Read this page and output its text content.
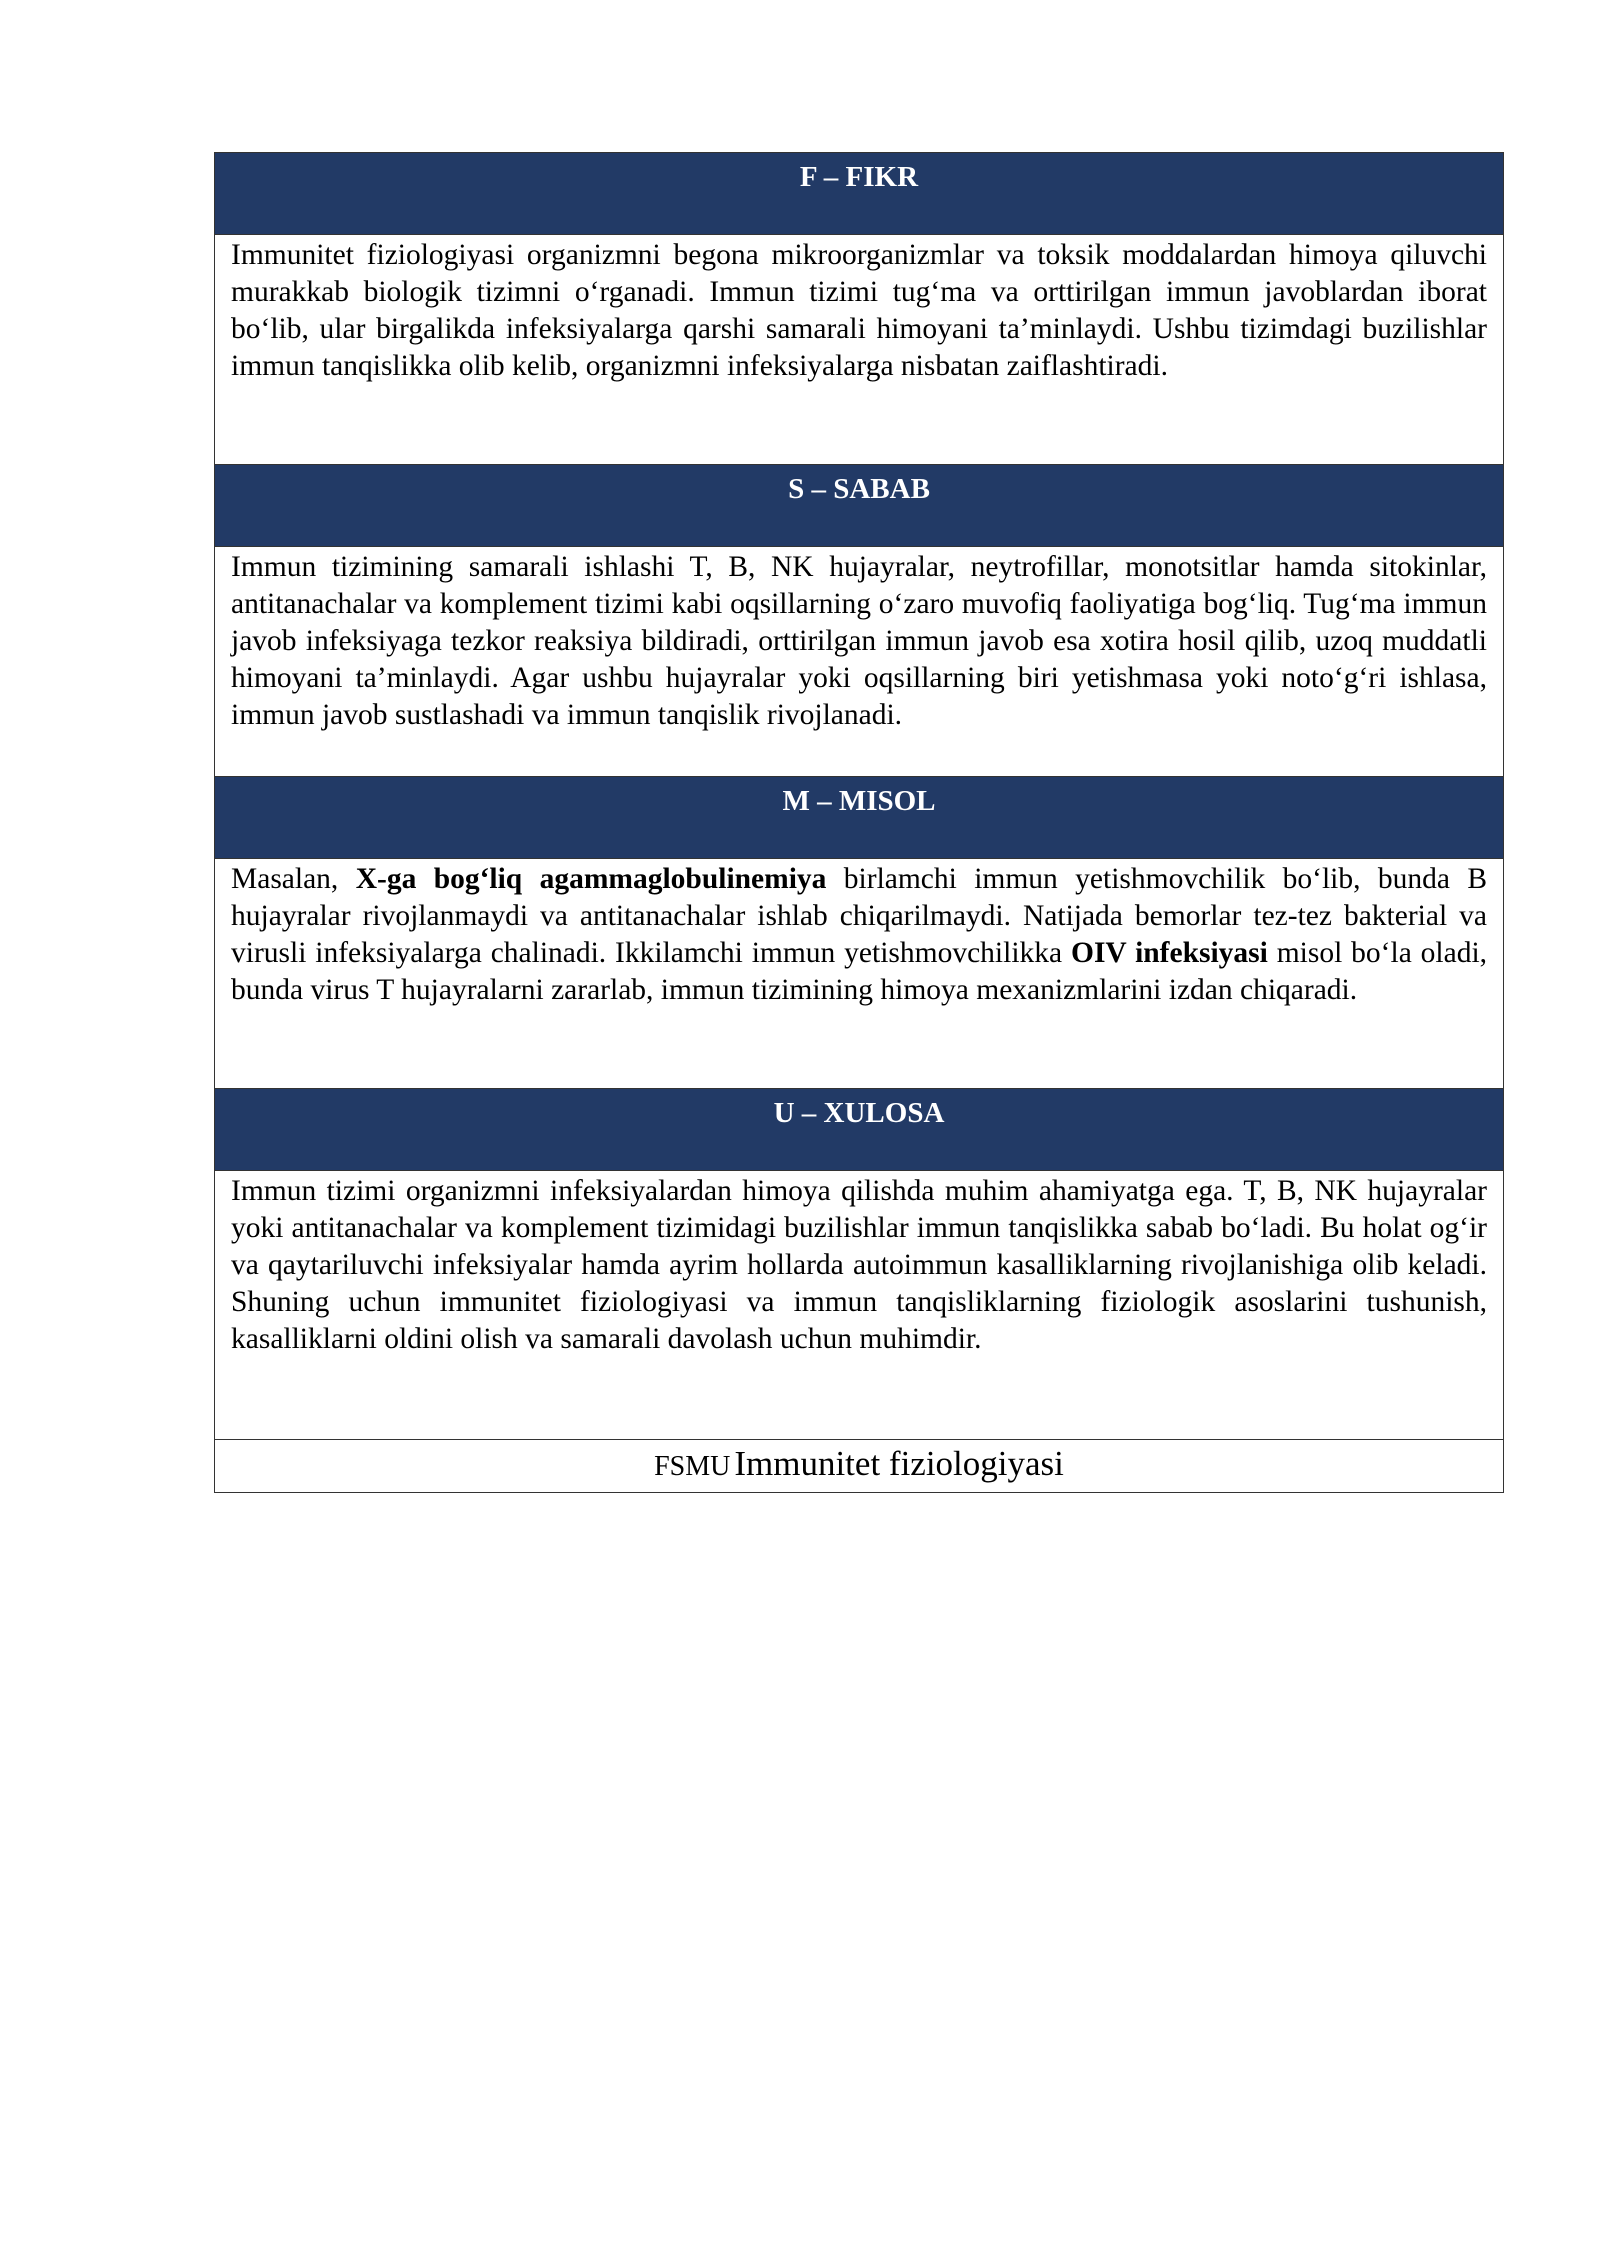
F – FIKR
Immunitet fiziologiyasi organizmni begona mikroorganizmlar va toksik moddalardan himoya qiluvchi murakkab biologik tizimni o‘rganadi. Immun tizimi tug‘ma va orttirilgan immun javoblardan iborat bo‘lib, ular birgalikda infeksiyalarga qarshi samarali himoyani ta’minlaydi. Ushbu tizimdagi buzilishlar immun tanqislikka olib kelib, organizmni infeksiyalarga nisbatan zaiflashtiradi.
S – SABAB
Immun tizimining samarali ishlashi T, B, NK hujayralar, neytrofillar, monotsitlar hamda sitokinlar, antitanachalar va komplement tizimi kabi oqsillarning o‘zaro muvofiq faoliyatiga bog‘liq. Tug‘ma immun javob infeksiyaga tezkor reaksiya bildiradi, orttirilgan immun javob esa xotira hosil qilib, uzoq muddatli himoyani ta’minlaydi. Agar ushbu hujayralar yoki oqsillarning biri yetishmasa yoki noto‘g‘ri ishlasa, immun javob sustlashadi va immun tanqislik rivojlanadi.
M – MISOL
Masalan, X-ga bog‘liq agammaglobulinemiya birlamchi immun yetishmovchilik bo‘lib, bunda B hujayralar rivojlanmaydi va antitanachalar ishlab chiqarilmaydi. Natijada bemorlar tez-tez bakterial va virusli infeksiyalarga chalinadi. Ikkilamchi immun yetishmovchilikka OIV infeksiyasi misol bo‘la oladi, bunda virus T hujayralarni zararlab, immun tizimining himoya mexanizmlarini izdan chiqaradi.
U – XULOSA
Immun tizimi organizmni infeksiyalardan himoya qilishda muhim ahamiyatga ega. T, B, NK hujayralar yoki antitanachalar va komplement tizimidagi buzilishlar immun tanqislikka sabab bo‘ladi. Bu holat og‘ir va qaytariluvchi infeksiyalar hamda ayrim hollarda autoimmun kasalliklarning rivojlanishiga olib keladi. Shuning uchun immunitet fiziologiyasi va immun tanqisliklarning fiziologik asoslarini tushunish, kasalliklarni oldini olish va samarali davolash uchun muhimdir.
FSMU Immunitet fiziologiyasi
